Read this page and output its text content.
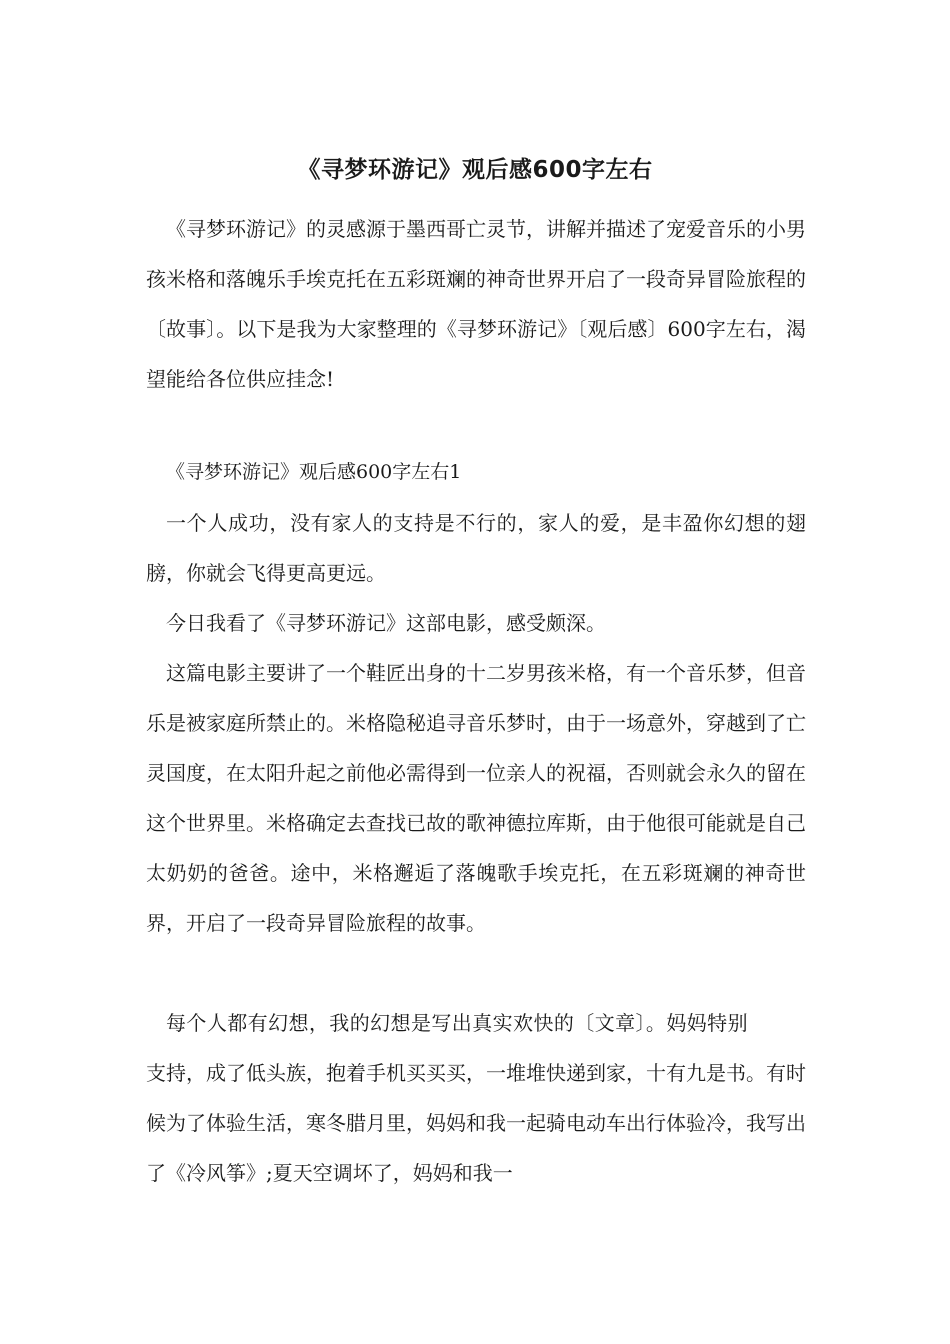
《寻梦环游记》观后感600字左右
《寻梦环游记》的灵感源于墨西哥亡灵节，讲解并描述了宠爱音乐的小男孩米格和落魄乐手埃克托在五彩斑斓的神奇世界开启了一段奇异冒险旅程的〔故事〕。以下是我为大家整理的《寻梦环游记》〔观后感〕600字左右，渴望能给各位供应挂念!
《寻梦环游记》观后感600字左右1
一个人成功，没有家人的支持是不行的，家人的爱，是丰盈你幻想的翅膀，你就会飞得更高更远。
今日我看了《寻梦环游记》这部电影，感受颇深。
这篇电影主要讲了一个鞋匠出身的十二岁男孩米格，有一个音乐梦，但音乐是被家庭所禁止的。米格隐秘追寻音乐梦时，由于一场意外，穿越到了亡灵国度，在太阳升起之前他必需得到一位亲人的祝福，否则就会永久的留在这个世界里。米格确定去查找已故的歌神德拉库斯，由于他很可能就是自己太奶奶的爸爸。途中，米格邂逅了落魄歌手埃克托，在五彩斑斓的神奇世界，开启了一段奇异冒险旅程的故事。
每个人都有幻想，我的幻想是写出真实欢快的〔文章〕。妈妈特别支持，成了低头族，抱着手机买买买，一堆堆快递到家，十有九是书。有时候为了体验生活，寒冬腊月里，妈妈和我一起骑电动车出行体验冷，我写出了《冷风筝》;夏天空调坏了，妈妈和我一
